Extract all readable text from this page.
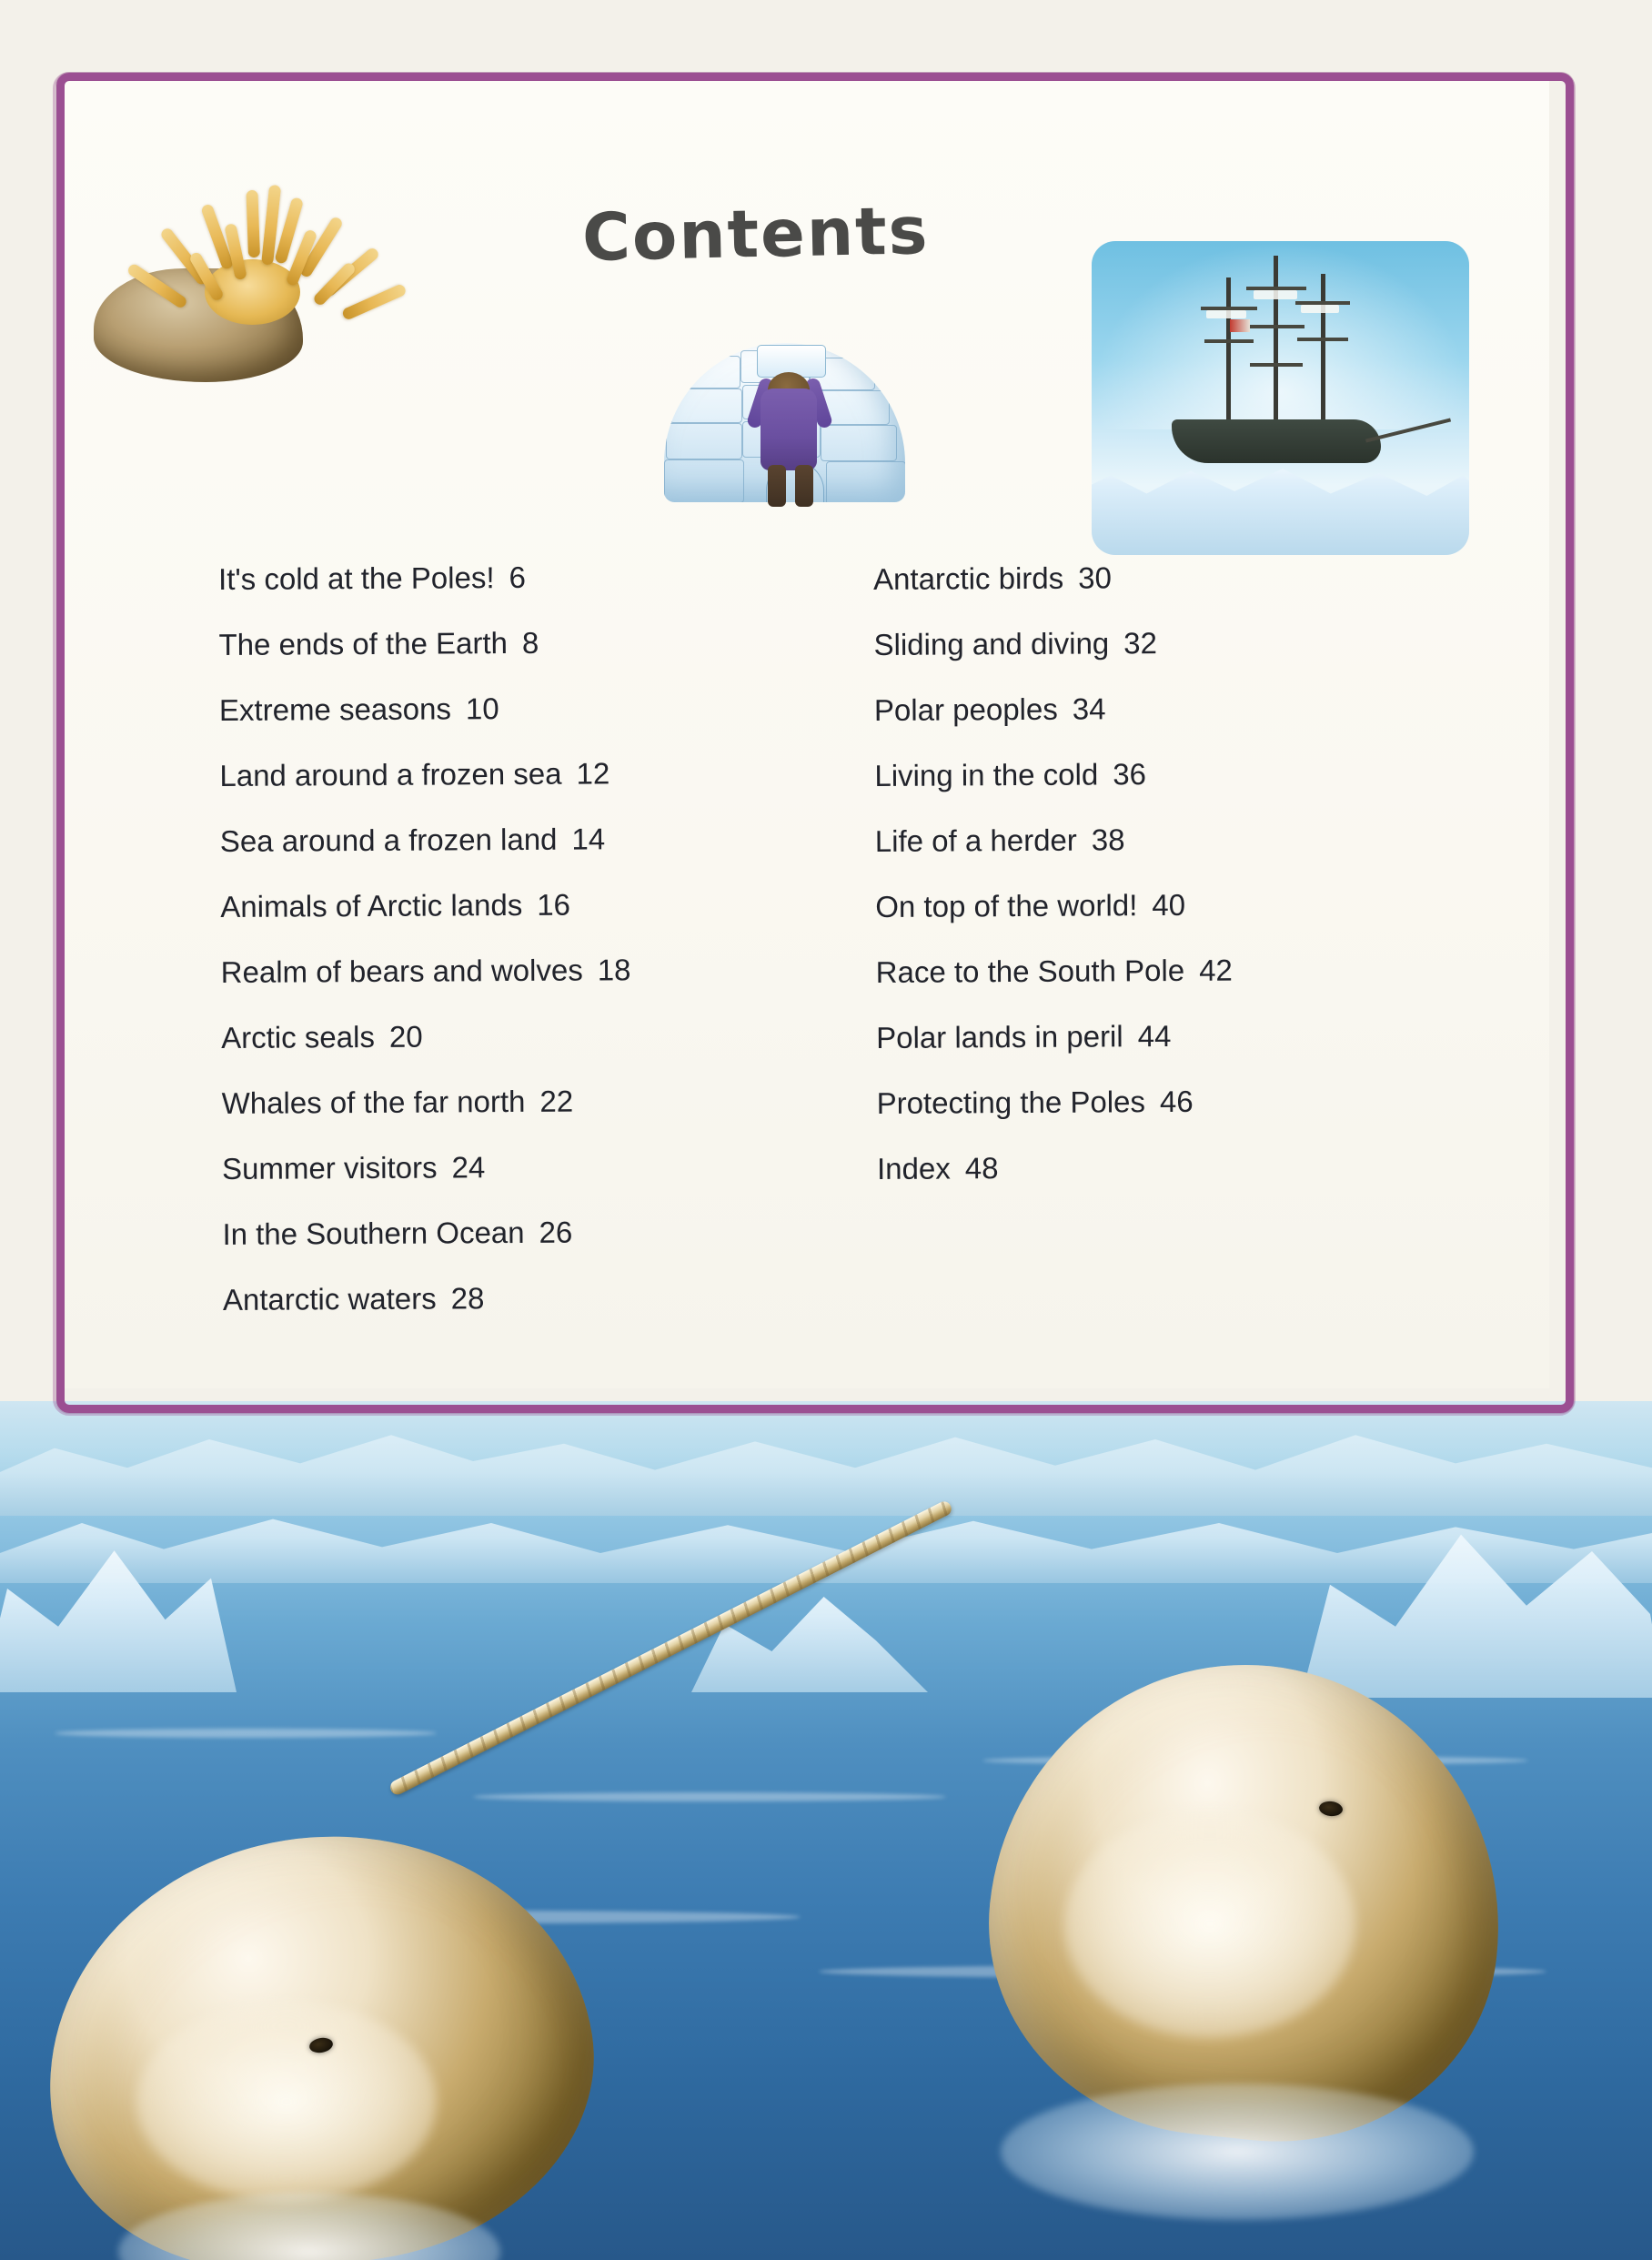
Contents
It's cold at the Poles! 6
The ends of the Earth 8
Extreme seasons 10
Land around a frozen sea 12
Sea around a frozen land 14
Animals of Arctic lands 16
Realm of bears and wolves 18
Arctic seals 20
Whales of the far north 22
Summer visitors 24
In the Southern Ocean 26
Antarctic waters 28
Antarctic birds 30
Sliding and diving 32
Polar peoples 34
Living in the cold 36
Life of a herder 38
On top of the world! 40
Race to the South Pole 42
Polar lands in peril 44
Protecting the Poles 46
Index 48
